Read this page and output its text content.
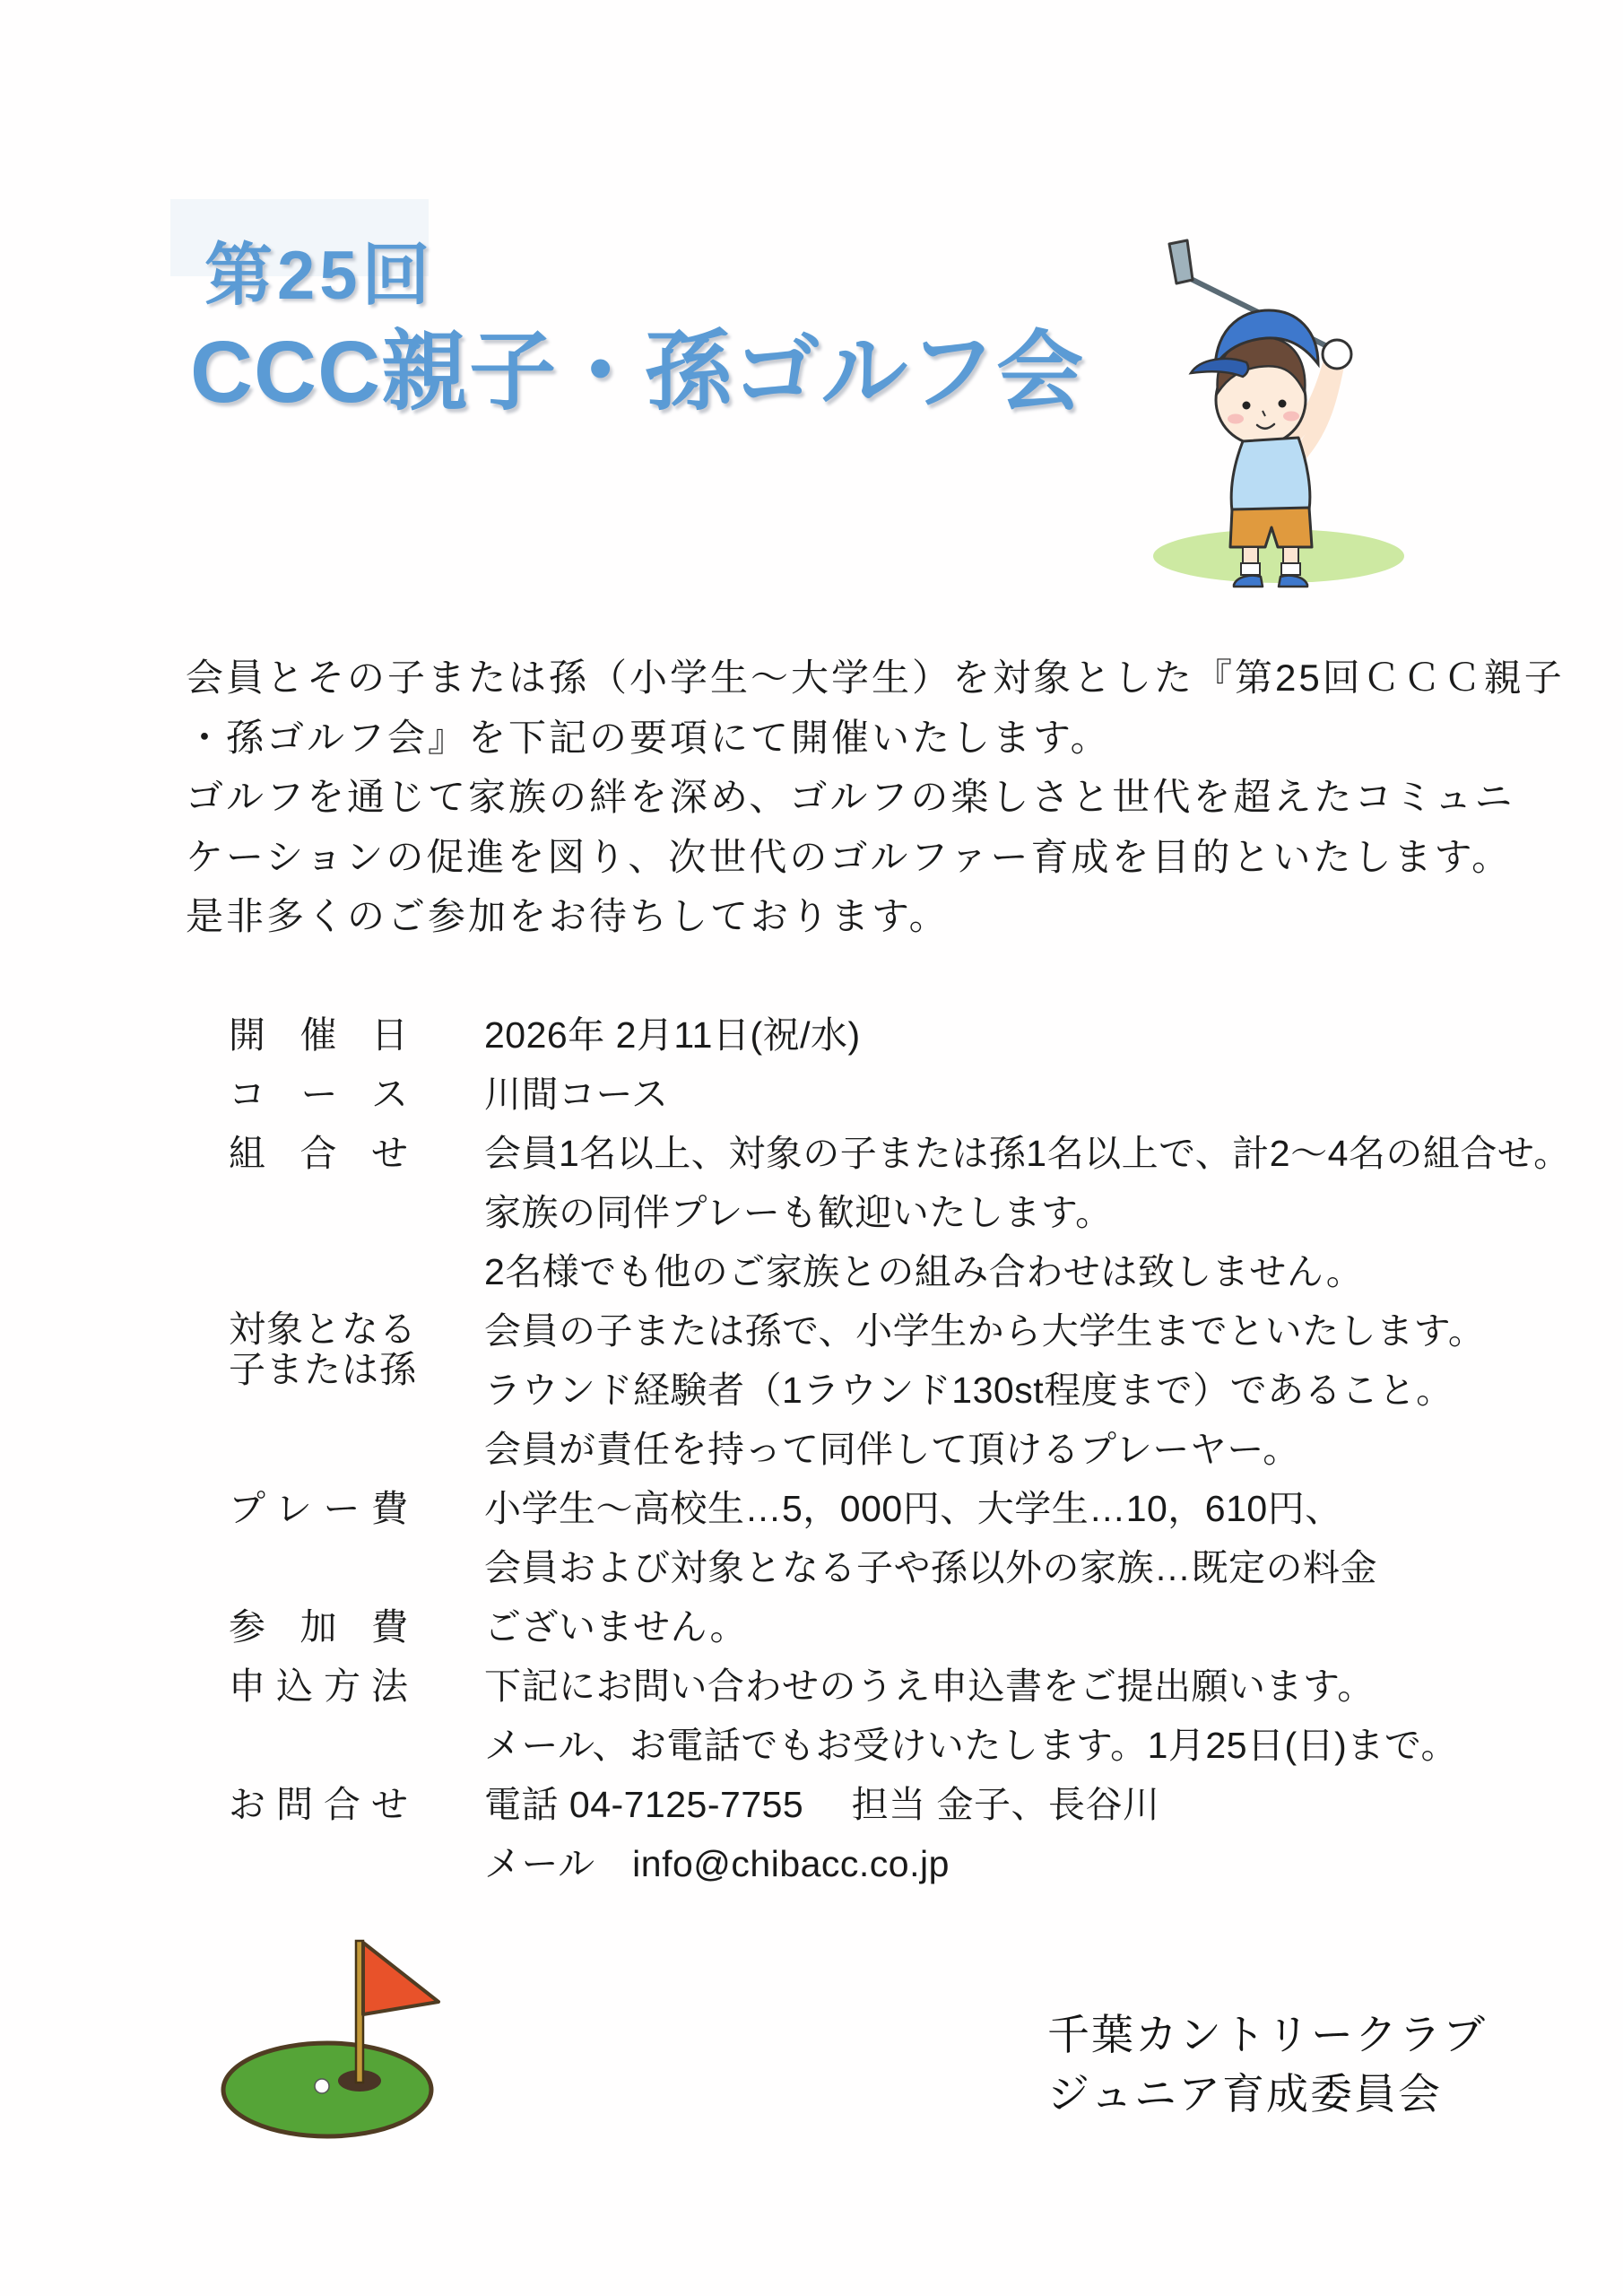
第25回
CCC親子・孫ゴルフ会
会員とその子または孫（小学生～大学生）を対象とした『第25回ＣＣＣ親子
・孫ゴルフ会』を下記の要項にて開催いたします。
ゴルフを通じて家族の絆を深め、ゴルフの楽しさと世代を超えたコミュニ
ケーションの促進を図り、次世代のゴルファー育成を目的といたします。
是非多くのご参加をお待ちしております。
開催日 2026年 2月11日(祝/水)
コース 川間コース
組合せ 会員1名以上、対象の子または孫1名以上で、計2～4名の組合せ。
家族の同伴プレーも歓迎いたします。
2名様でも他のご家族との組み合わせは致しません。
対象となる
子または孫
会員の子または孫で、小学生から大学生までといたします。
ラウンド経験者（1ラウンド130st程度まで）であること。
会員が責任を持って同伴して頂けるプレーヤー。
プレー費 小学生～高校生…5，000円、大学生…10，610円、
会員および対象となる子や孫以外の家族…既定の料金
参加費 ございません。
申込方法 下記にお問い合わせのうえ申込書をご提出願います。
メール、お電話でもお受けいたします。1月25日(日)まで。
お問合せ 電話 04-7125-7755　 担当 金子、長谷川
メール　info@chibacc.co.jp
千葉カントリークラブ
ジュニア育成委員会
